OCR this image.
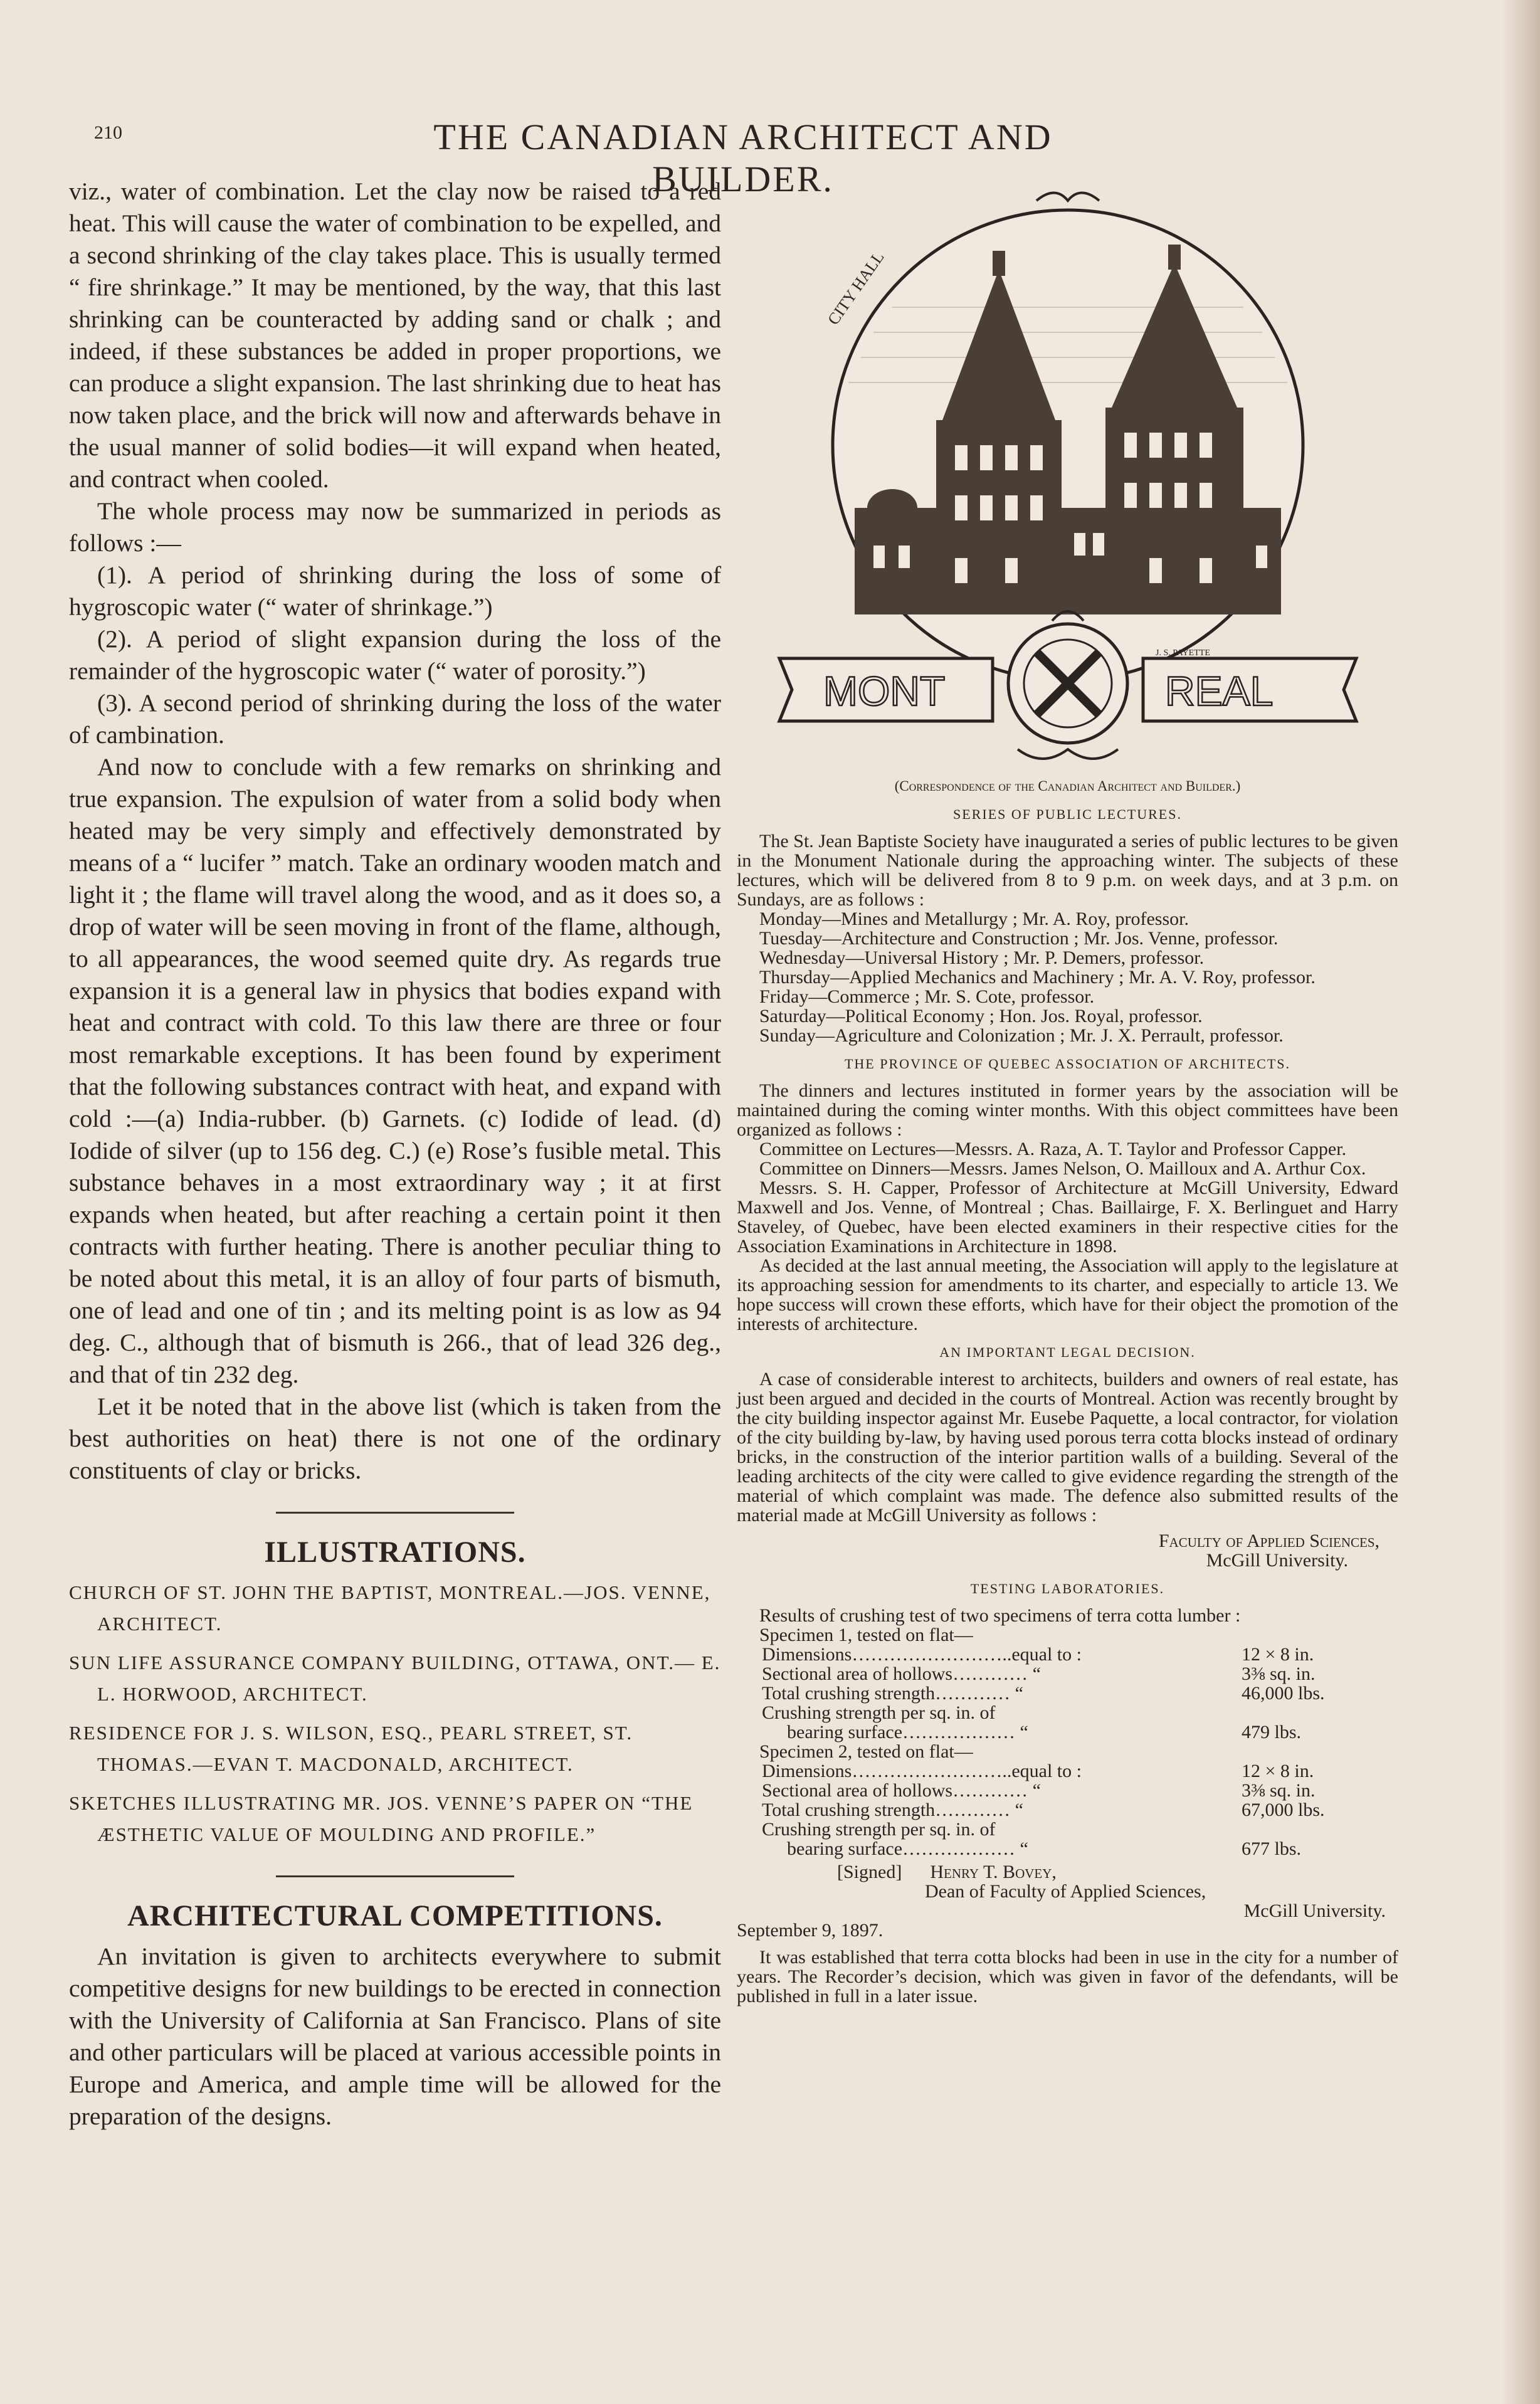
210	THE CANADIAN ARCHITECT AND BUILDER.

viz., water of combination. Let the clay now be raised to a red heat. This will cause the water of combination to be expelled, and a second shrinking of the clay takes place. This is usually termed “ fire shrinkage.” It may be mentioned, by the way, that this last shrinking can be counteracted by adding sand or chalk ; and indeed, if these substances be added in proper proportions, we can produce a slight expansion. The last shrinking due to heat has now taken place, and the brick will now and afterwards behave in the usual manner of solid bodies—it will expand when heated, and contract when cooled.

The whole process may now be summarized in periods as follows :—

(1). A period of shrinking during the loss of some of hygroscopic water (“ water of shrinkage.”)

(2). A period of slight expansion during the loss of the remainder of the hygroscopic water (“ water of porosity.”)

(3). A second period of shrinking during the loss of the water of cambination.

And now to conclude with a few remarks on shrinking and true expansion. The expulsion of water from a solid body when heated may be very simply and effectively demonstrated by means of a “ lucifer ” match. Take an ordinary wooden match and light it ; the flame will travel along the wood, and as it does so, a drop of water will be seen moving in front of the flame, although, to all appearances, the wood seemed quite dry. As regards true expansion it is a general law in physics that bodies expand with heat and contract with cold. To this law there are three or four most remarkable exceptions. It has been found by experiment that the following substances contract with heat, and expand with cold :—(a) India-rubber. (b) Garnets. (c) Iodide of lead. (d) Iodide of silver (up to 156 deg. C.) (e) Rose’s fusible metal. This substance behaves in a most extraordinary way ; it at first expands when heated, but after reaching a certain point it then contracts with further heating. There is another peculiar thing to be noted about this metal, it is an alloy of four parts of bismuth, one of lead and one of tin ; and its melting point is as low as 94 deg. C., although that of bismuth is 266., that of lead 326 deg., and that of tin 232 deg.

Let it be noted that in the above list (which is taken from the best authorities on heat) there is not one of the ordinary constituents of clay or bricks.

ILLUSTRATIONS.

CHURCH OF ST. JOHN THE BAPTIST, MONTREAL.—JOS. VENNE, ARCHITECT.

SUN LIFE ASSURANCE COMPANY BUILDING, OTTAWA, ONT.— E. L. HORWOOD, ARCHITECT.

RESIDENCE FOR J. S. WILSON, ESQ., PEARL STREET, ST. THOMAS.—EVAN T. MACDONALD, ARCHITECT.

SKETCHES ILLUSTRATING MR. JOS. VENNE’S PAPER ON “THE ÆSTHETIC VALUE OF MOULDING AND PROFILE.”

ARCHITECTURAL COMPETITIONS.

An invitation is given to architects everywhere to submit competitive designs for new buildings to be erected in connection with the University of California at San Francisco. Plans of site and other particulars will be placed at various accessible points in Europe and America, and ample time will be allowed for the preparation of the designs.

CITY HALL
J. S. PAYETTE
MONT	REAL
(Correspondence of the Canadian Architect and Builder.)
SERIES OF PUBLIC LECTURES.

The St. Jean Baptiste Society have inaugurated a series of public lectures to be given in the Monument Nationale during the approaching winter. The subjects of these lectures, which will be delivered from 8 to 9 p.m. on week days, and at 3 p.m. on Sundays, are as follows :

Monday—Mines and Metallurgy ; Mr. A. Roy, professor.

Tuesday—Architecture and Construction ; Mr. Jos. Venne, professor.

Wednesday—Universal History ; Mr. P. Demers, professor.

Thursday—Applied Mechanics and Machinery ; Mr. A. V. Roy, professor.

Friday—Commerce ; Mr. S. Cote, professor.

Saturday—Political Economy ; Hon. Jos. Royal, professor.

Sunday—Agriculture and Colonization ; Mr. J. X. Perrault, professor.

THE PROVINCE OF QUEBEC ASSOCIATION OF ARCHITECTS.

The dinners and lectures instituted in former years by the association will be maintained during the coming winter months. With this object committees have been organized as follows :

Committee on Lectures—Messrs. A. Raza, A. T. Taylor and Professor Capper.

Committee on Dinners—Messrs. James Nelson, O. Mailloux and A. Arthur Cox.

Messrs. S. H. Capper, Professor of Architecture at McGill University, Edward Maxwell and Jos. Venne, of Montreal ; Chas. Baillairge, F. X. Berlinguet and Harry Staveley, of Quebec, have been elected examiners in their respective cities for the Association Examinations in Architecture in 1898.

As decided at the last annual meeting, the Association will apply to the legislature at its approaching session for amendments to its charter, and especially to article 13. We hope success will crown these efforts, which have for their object the promotion of the interests of architecture.

AN IMPORTANT LEGAL DECISION.

A case of considerable interest to architects, builders and owners of real estate, has just been argued and decided in the courts of Montreal. Action was recently brought by the city building inspector against Mr. Eusebe Paquette, a local contractor, for violation of the city building by-law, by having used porous terra cotta blocks instead of ordinary bricks, in the construction of the interior partition walls of a building. Several of the leading architects of the city were called to give evidence regarding the strength of the material of which complaint was made. The defence also submitted results of the material made at McGill University as follows :

Faculty of Applied Sciences,

McGill University.

TESTING LABORATORIES.

Results of crushing test of two specimens of terra cotta lumber :

Specimen 1, tested on flat—

Dimensions……………………..equal to :	12 × 8 in.
Sectional area of hollows………… “	3⅜ sq. in.
Total crushing strength………… “	46,000 lbs.
Crushing strength per sq. in. of
bearing surface……………… “	479 lbs.

Specimen 2, tested on flat—

Dimensions……………………..equal to :	12 × 8 in.
Sectional area of hollows………… “	3⅜ sq. in.
Total crushing strength………… “	67,000 lbs.
Crushing strength per sq. in. of
bearing surface……………… “	677 lbs.

[Signed] Henry T. Bovey,

Dean of Faculty of Applied Sciences,

McGill University.

September 9, 1897.

It was established that terra cotta blocks had been in use in the city for a number of years. The Recorder’s decision, which was given in favor of the defendants, will be published in full in a later issue.
